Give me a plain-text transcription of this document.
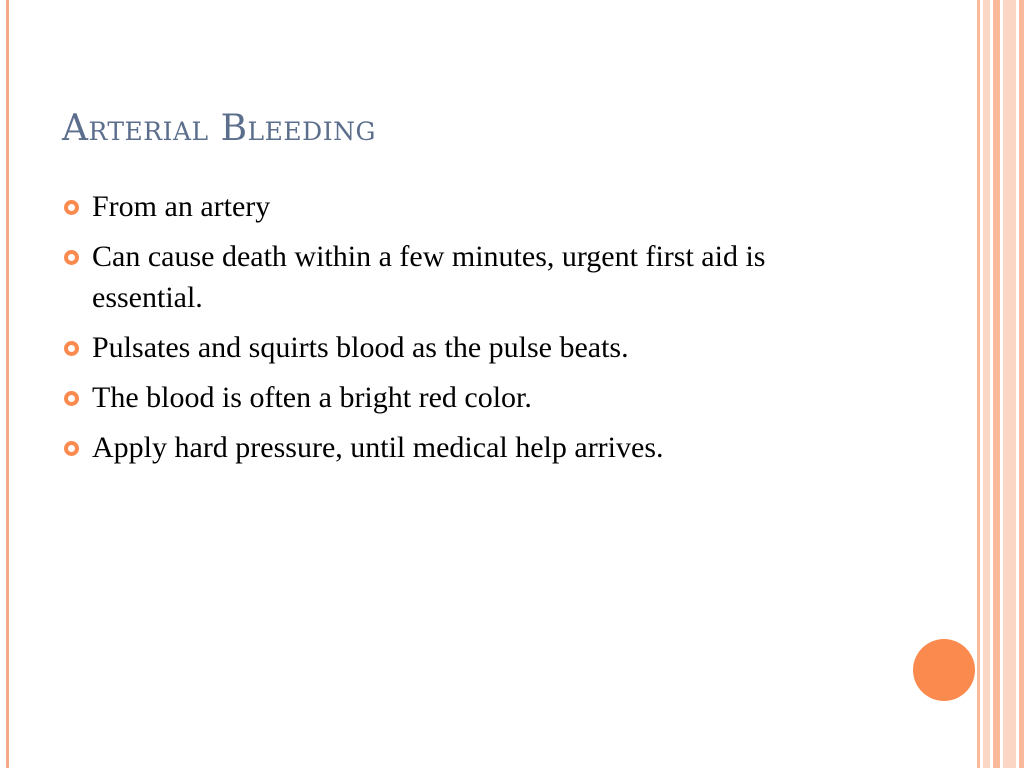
Arterial Bleeding
From an artery
Can cause death within a few minutes, urgent first aid is essential.
Pulsates and squirts blood as the pulse beats.
The blood is often a bright red color.
Apply hard pressure, until medical help arrives.
